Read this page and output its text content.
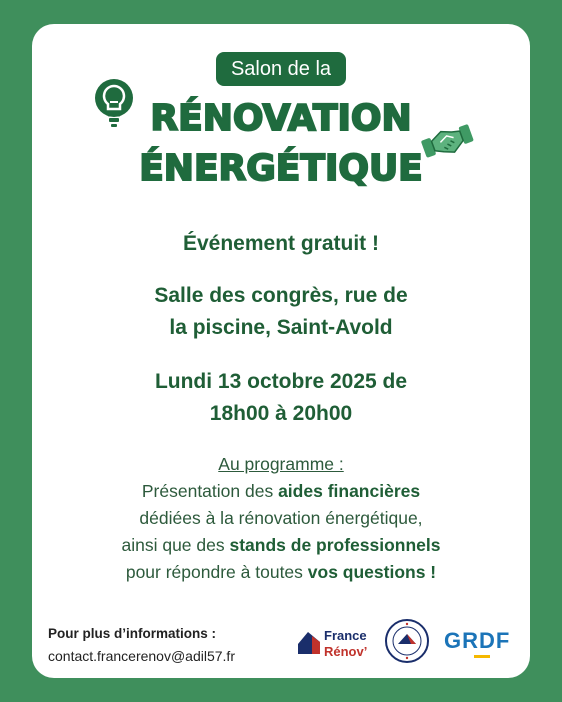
Salon de la
RÉNOVATION
ÉNERGÉTIQUE
Événement gratuit !
Salle des congrès, rue de
la piscine, Saint-Avold
Lundi 13 octobre 2025 de
18h00 à 20h00
Au programme :
Présentation des aides financières
dédiées à la rénovation énergétique,
ainsi que des stands de professionnels
pour répondre à toutes vos questions !
Pour plus d’informations :
contact.francerenov@adil57.fr
France
Rénov’	GRDF
